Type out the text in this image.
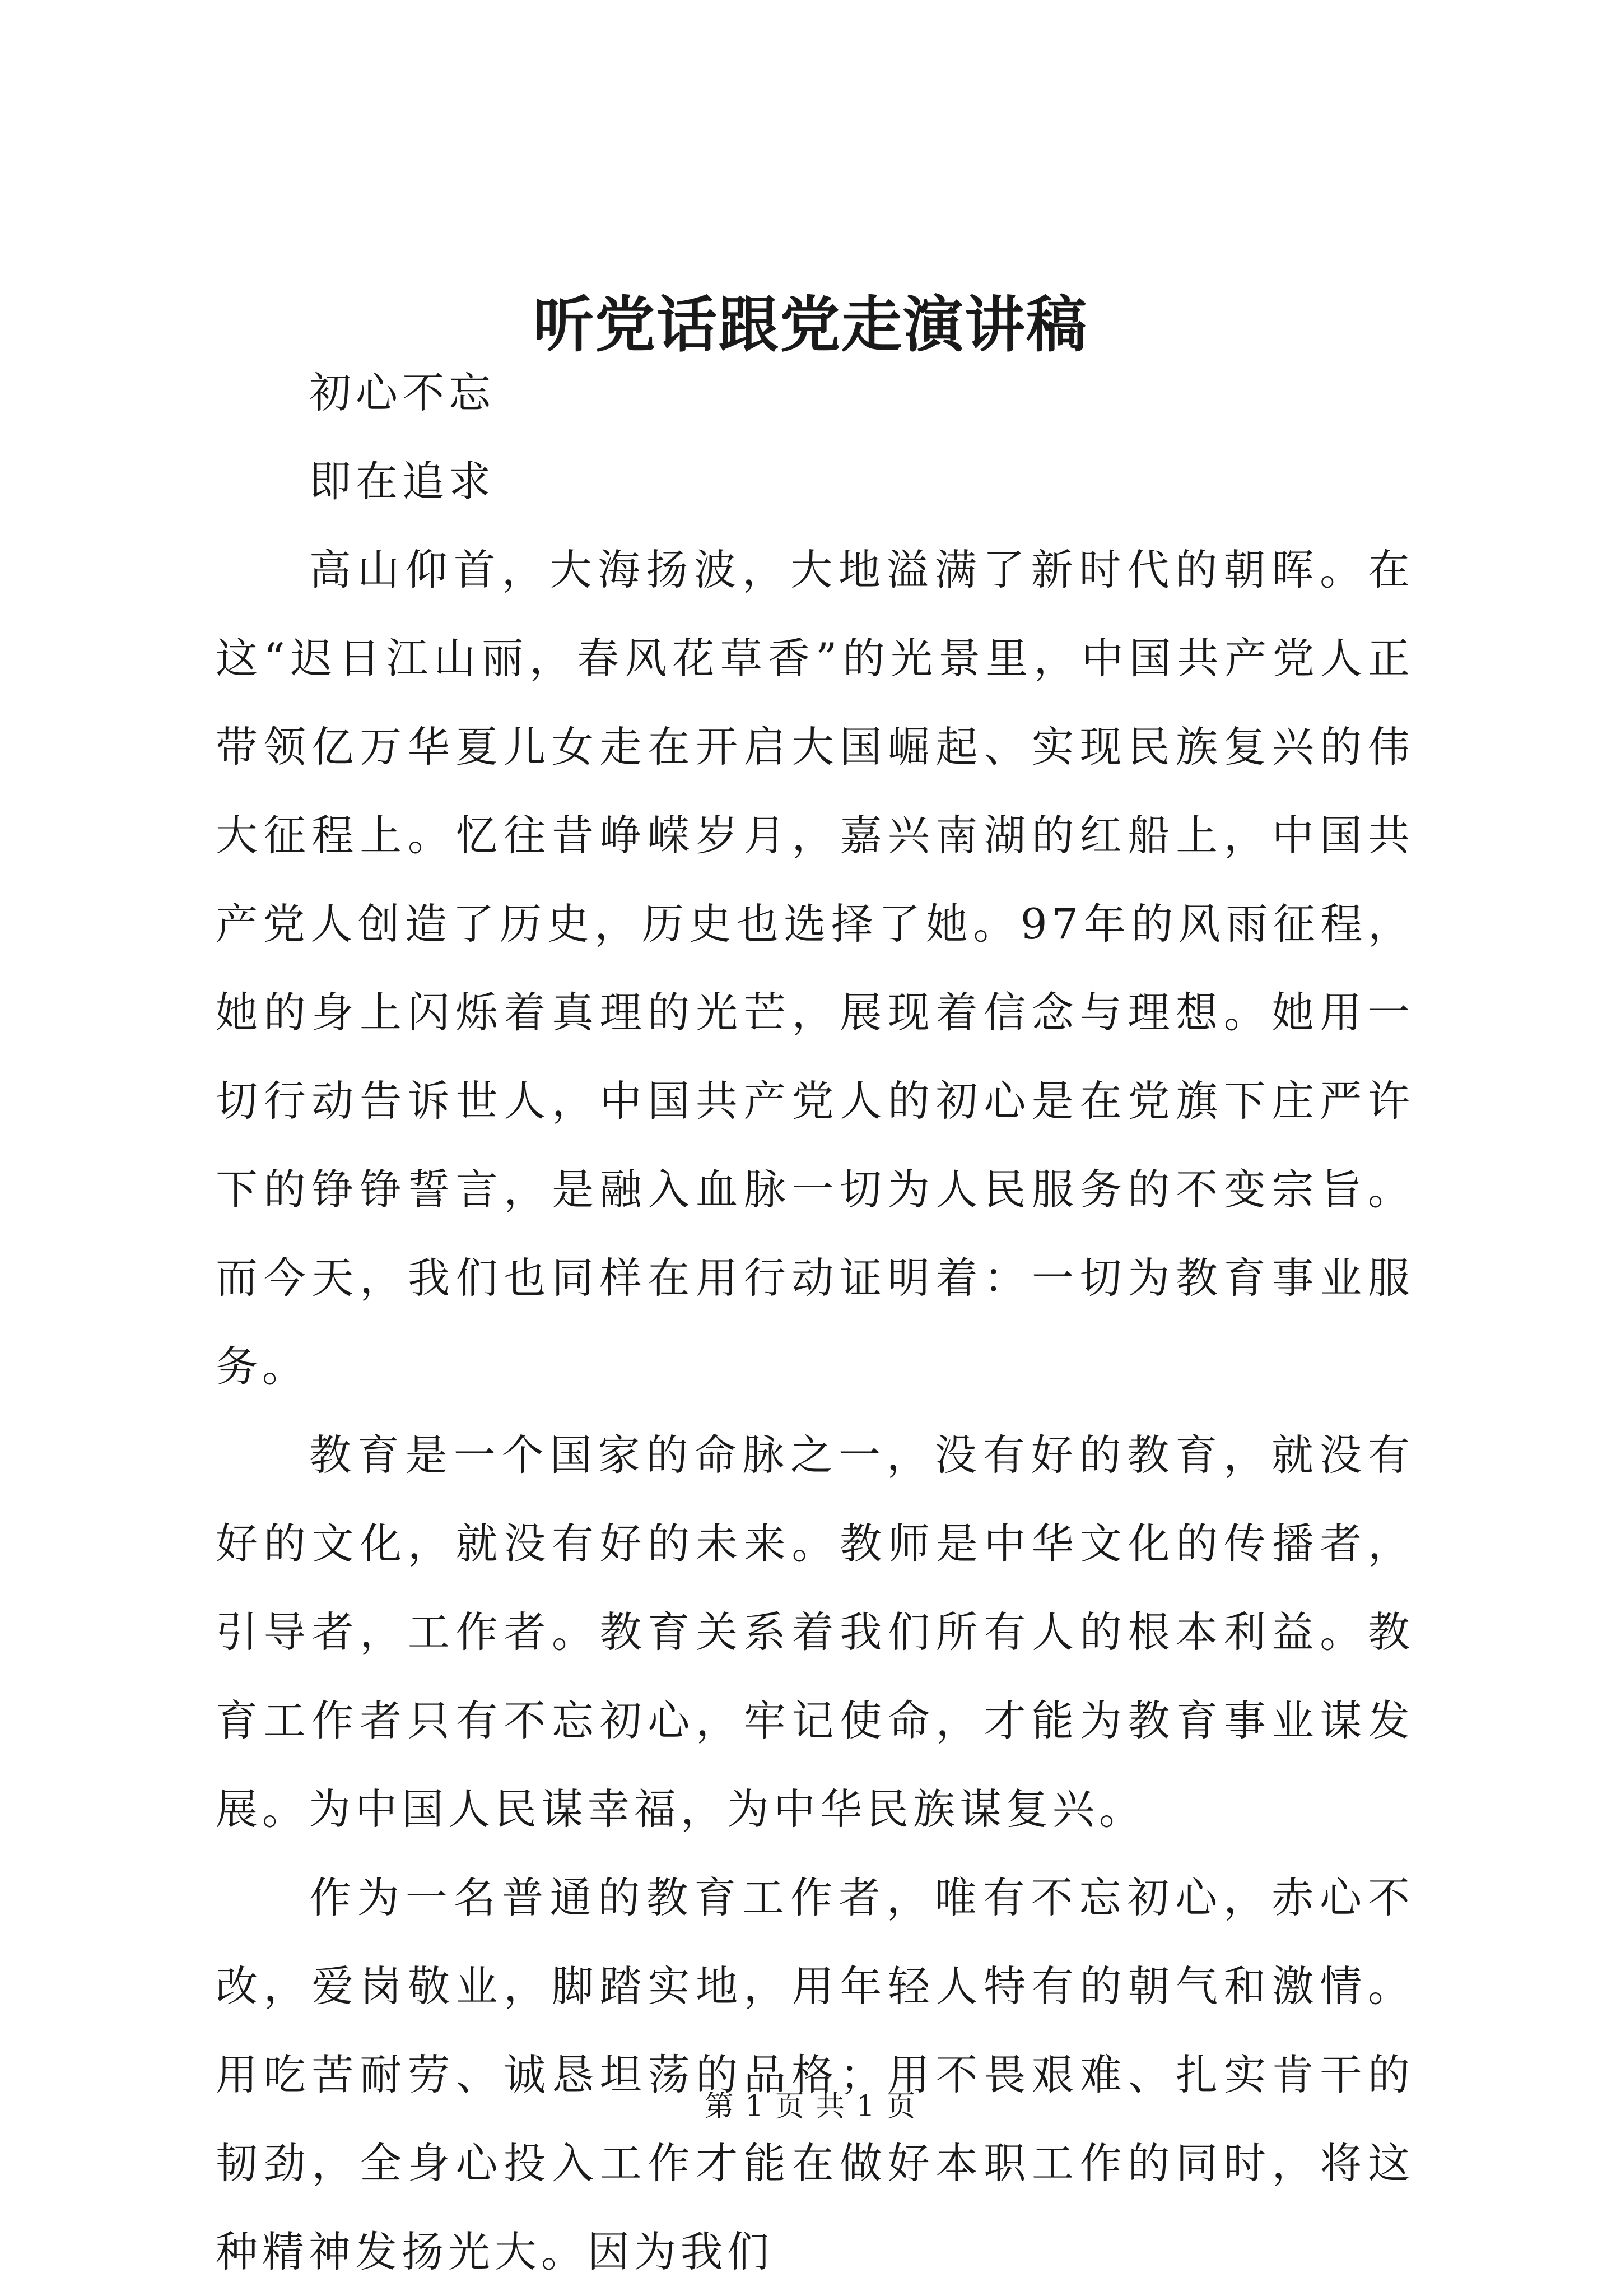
听党话跟党走演讲稿

初心不忘

即在追求

高山仰首，大海扬波，大地溢满了新时代的朝晖。在这“迟日江山丽，春风花草香”的光景里，中国共产党人正带领亿万华夏儿女走在开启大国崛起、实现民族复兴的伟大征程上。忆往昔峥嵘岁月，嘉兴南湖的红船上，中国共产党人创造了历史，历史也选择了她。97年的风雨征程，她的身上闪烁着真理的光芒，展现着信念与理想。她用一切行动告诉世人，中国共产党人的初心是在党旗下庄严许下的铮铮誓言，是融入血脉一切为人民服务的不变宗旨。而今天，我们也同样在用行动证明着：一切为教育事业服务。

教育是一个国家的命脉之一，没有好的教育，就没有好的文化，就没有好的未来。教师是中华文化的传播者，引导者，工作者。教育关系着我们所有人的根本利益。教育工作者只有不忘初心，牢记使命，才能为教育事业谋发展。为中国人民谋幸福，为中华民族谋复兴。

作为一名普通的教育工作者，唯有不忘初心，赤心不改，爱岗敬业，脚踏实地，用年轻人特有的朝气和激情。用吃苦耐劳、诚恳坦荡的品格；用不畏艰难、扎实肯干的韧劲，全身心投入工作才能在做好本职工作的同时，将这种精神发扬光大。因为我们

第 1 页 共 1 页
